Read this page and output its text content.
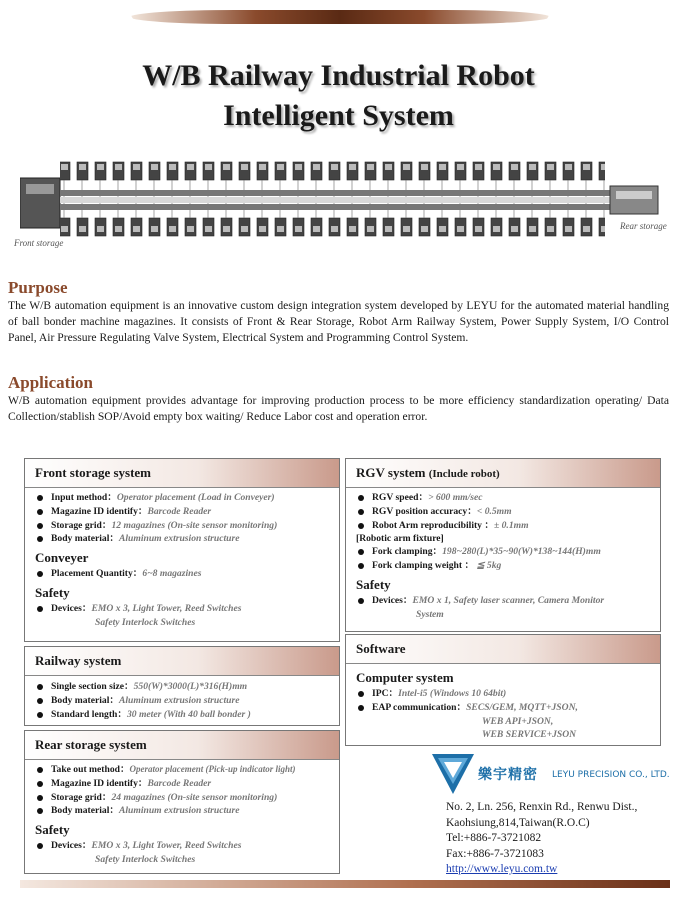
W/B Railway Industrial Robot
Intelligent System
Front storage
Rear storage
Purpose
The W/B automation equipment is an innovative custom design integration system developed by LEYU for the automated material handling of ball bonder machine magazines. It consists of Front & Rear Storage, Robot Arm Railway System, Power Supply System, I/O Control Panel, Air Pressure Regulating Valve System, Electrical System and Programming Control System.
Application
W/B automation equipment provides advantage for improving production process to be more efficiency standardization operating/ Data Collection/stablish SOP/Avoid empty box waiting/ Reduce Labor cost and operation error.
Front storage system
Input method：Operator placement (Load in Conveyer)
Magazine ID identify：Barcode Reader
Storage grid：12 magazines (On-site sensor monitoring)
Body material：Aluminum extrusion structure
Conveyer
Placement Quantity：6~8 magazines
Safety
Devices：EMO x 3, Light Tower, Reed Switches
Safety Interlock Switches
Railway system
Single section size：550(W)*3000(L)*316(H)mm
Body material：Aluminum extrusion structure
Standard length：30 meter (With 40 ball bonder )
Rear storage system
Take out method：Operator placement (Pick-up indicator light)
Magazine ID identify：Barcode Reader
Storage grid：24 magazines (On-site sensor monitoring)
Body material：Aluminum extrusion structure
Safety
Devices：EMO x 3, Light Tower, Reed Switches
Safety Interlock Switches
RGV system (Include robot)
RGV speed：> 600 mm/sec
RGV position accuracy：< 0.5mm
Robot Arm reproducibility ：± 0.1mm
[Robotic arm fixture]
Fork clamping：198~280(L)*35~90(W)*138~144(H)mm
Fork clamping weight ： ≦ 5kg
Safety
Devices：EMO x 1, Safety laser scanner, Camera Monitor
System
Software
Computer system
IPC：Intel-i5 (Windows 10 64bit)
EAP communication：SECS/GEM, MQTT+JSON,
WEB API+JSON,
WEB SERVICE+JSON
樂宇精密 LEYU PRECISION CO., LTD.
No. 2, Ln. 256, Renxin Rd., Renwu Dist.,
Kaohsiung,814,Taiwan(R.O.C)
Tel:+886-7-3721082
Fax:+886-7-3721083
http://www.leyu.com.tw
